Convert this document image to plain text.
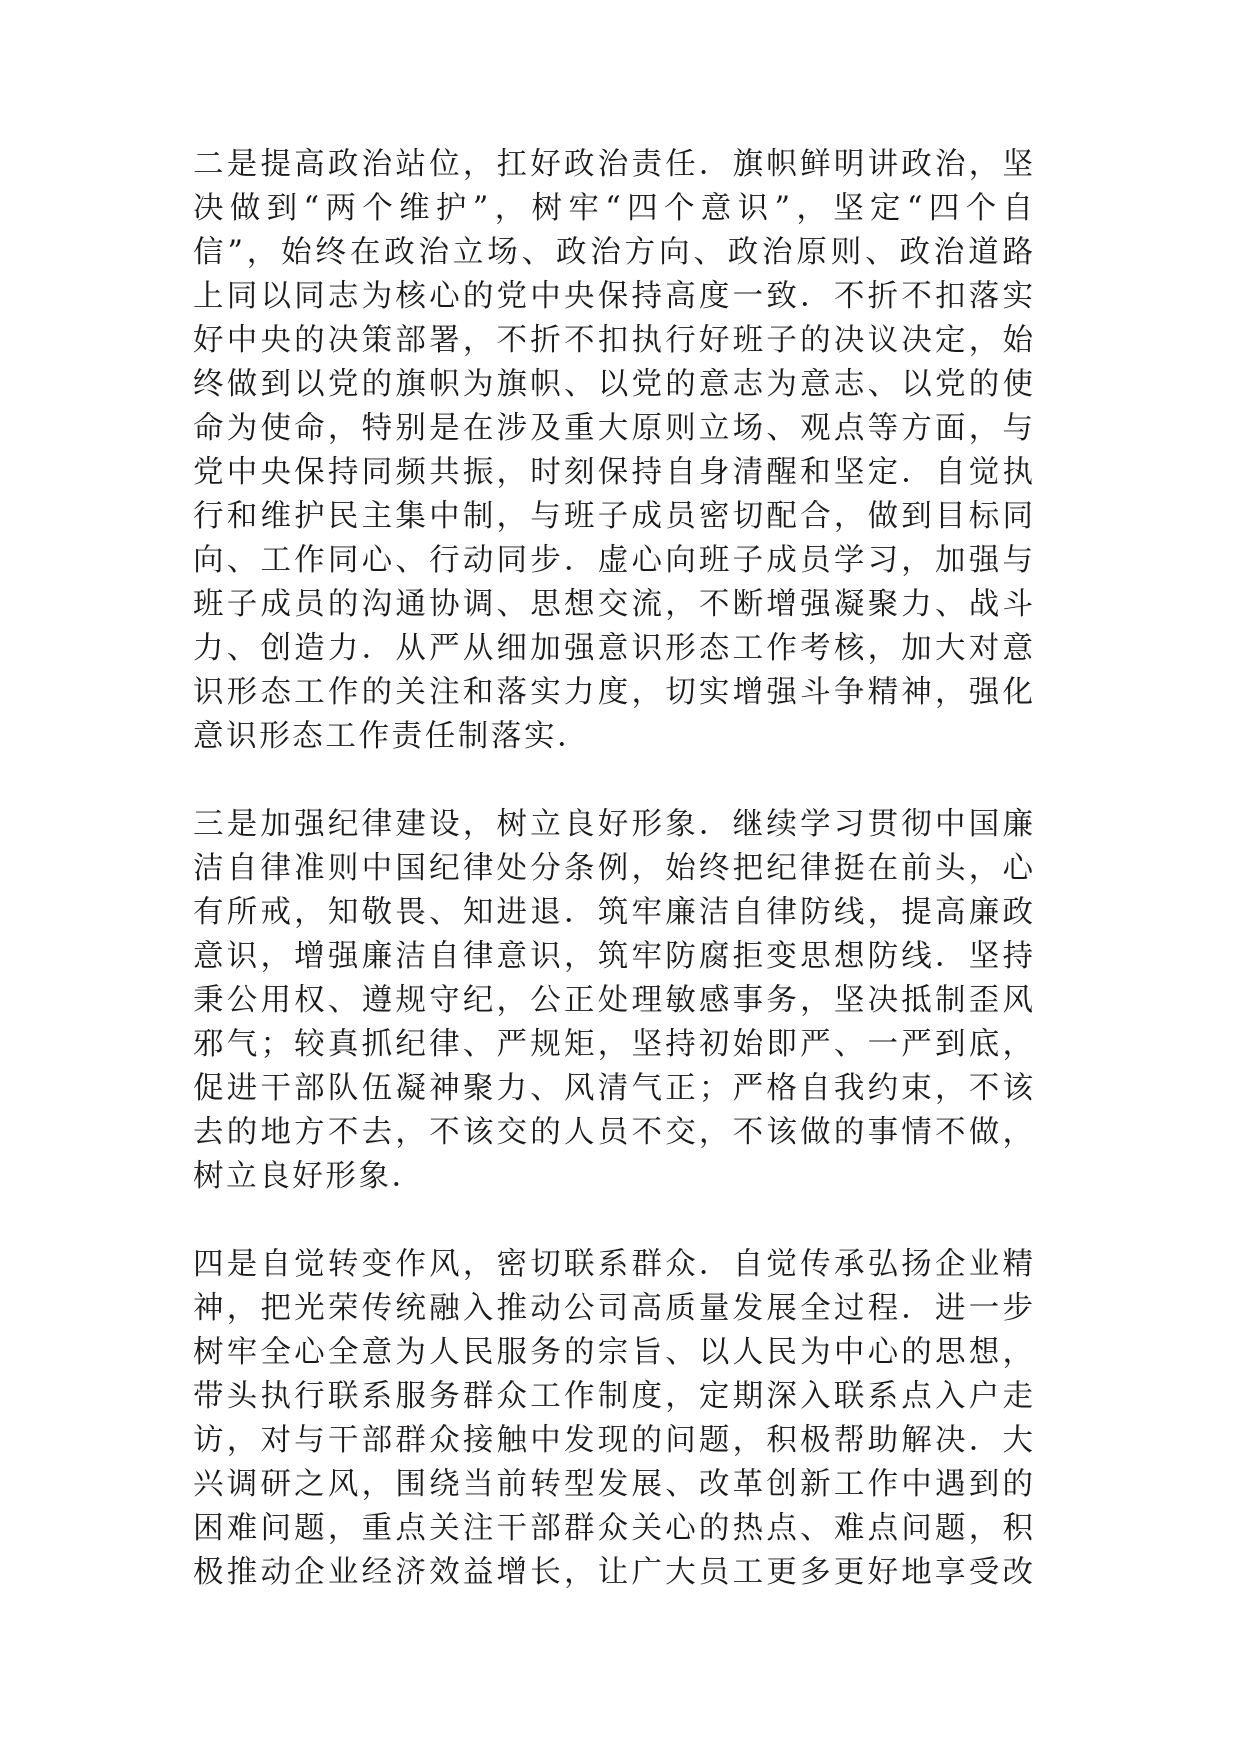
二是提高政治站位，扛好政治责任．旗帜鲜明讲政治，坚
决做到“两个维护”，树牢“四个意识”，坚定“四个自
信”，始终在政治立场、政治方向、政治原则、政治道路
上同以同志为核心的党中央保持高度一致．不折不扣落实
好中央的决策部署，不折不扣执行好班子的决议决定，始
终做到以党的旗帜为旗帜、以党的意志为意志、以党的使
命为使命，特别是在涉及重大原则立场、观点等方面，与
党中央保持同频共振，时刻保持自身清醒和坚定．自觉执
行和维护民主集中制，与班子成员密切配合，做到目标同
向、工作同心、行动同步．虚心向班子成员学习，加强与
班子成员的沟通协调、思想交流，不断增强凝聚力、战斗
力、创造力．从严从细加强意识形态工作考核，加大对意
识形态工作的关注和落实力度，切实增强斗争精神，强化
意识形态工作责任制落实．
三是加强纪律建设，树立良好形象．继续学习贯彻中国廉
洁自律准则中国纪律处分条例，始终把纪律挺在前头，心
有所戒，知敬畏、知进退．筑牢廉洁自律防线，提高廉政
意识，增强廉洁自律意识，筑牢防腐拒变思想防线．坚持
秉公用权、遵规守纪，公正处理敏感事务，坚决抵制歪风
邪气；较真抓纪律、严规矩，坚持初始即严、一严到底，
促进干部队伍凝神聚力、风清气正；严格自我约束，不该
去的地方不去，不该交的人员不交，不该做的事情不做，
树立良好形象．
四是自觉转变作风，密切联系群众．自觉传承弘扬企业精
神，把光荣传统融入推动公司高质量发展全过程．进一步
树牢全心全意为人民服务的宗旨、以人民为中心的思想，
带头执行联系服务群众工作制度，定期深入联系点入户走
访，对与干部群众接触中发现的问题，积极帮助解决．大
兴调研之风，围绕当前转型发展、改革创新工作中遇到的
困难问题，重点关注干部群众关心的热点、难点问题，积
极推动企业经济效益增长，让广大员工更多更好地享受改
